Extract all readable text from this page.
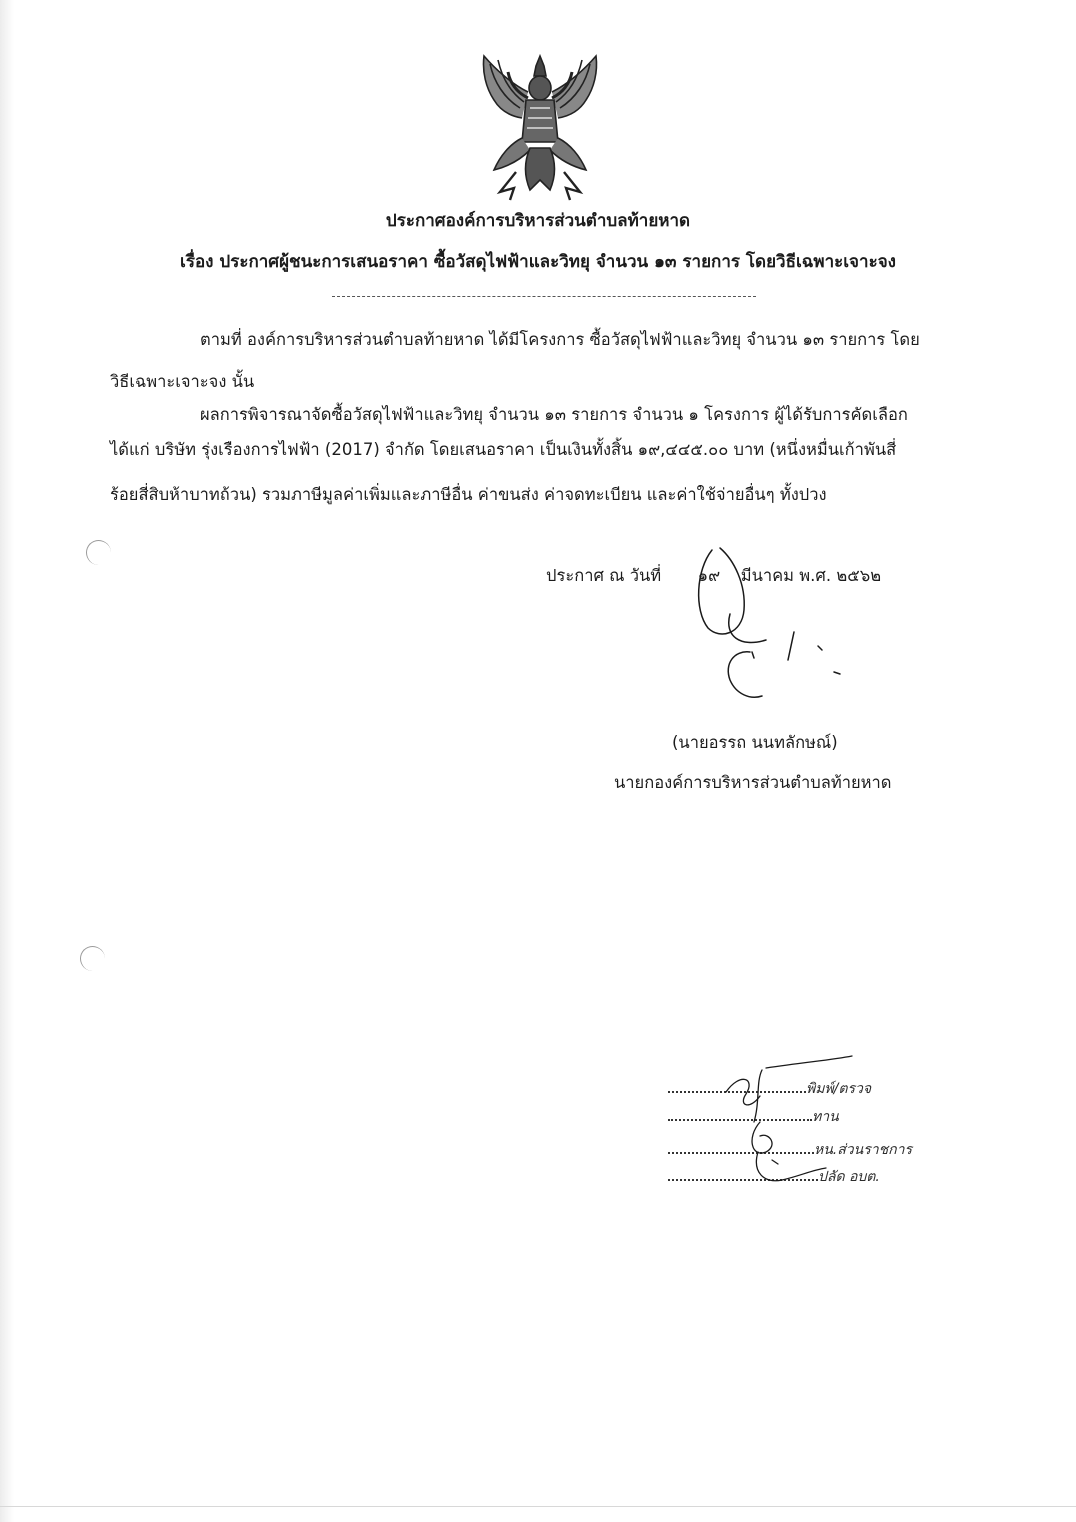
ประกาศองค์การบริหารส่วนตำบลท้ายหาด
เรื่อง ประกาศผู้ชนะการเสนอราคา ซื้อวัสดุไฟฟ้าและวิทยุ จำนวน ๑๓ รายการ โดยวิธีเฉพาะเจาะจง
ตามที่ องค์การบริหารส่วนตำบลท้ายหาด ได้มีโครงการ ซื้อวัสดุไฟฟ้าและวิทยุ จำนวน ๑๓ รายการ โดย
วิธีเฉพาะเจาะจง นั้น
ผลการพิจารณาจัดซื้อวัสดุไฟฟ้าและวิทยุ จำนวน ๑๓ รายการ จำนวน ๑ โครงการ ผู้ได้รับการคัดเลือก
ได้แก่ บริษัท รุ่งเรืองการไฟฟ้า (2017) จำกัด โดยเสนอราคา เป็นเงินทั้งสิ้น ๑๙,๔๔๕.๐๐ บาท (หนึ่งหมื่นเก้าพันสี่
ร้อยสี่สิบห้าบาทถ้วน) รวมภาษีมูลค่าเพิ่มและภาษีอื่น ค่าขนส่ง ค่าจดทะเบียน และค่าใช้จ่ายอื่นๆ ทั้งปวง
ประกาศ ณ วันที่ ๑๙ มีนาคม พ.ศ. ๒๕๖๒
(นายอรรถ นนทลักษณ์)
นายกองค์การบริหารส่วนตำบลท้ายหาด
พิมพ์/ตรวจ
ทาน
หน.ส่วนราชการ
ปลัด อบต.
